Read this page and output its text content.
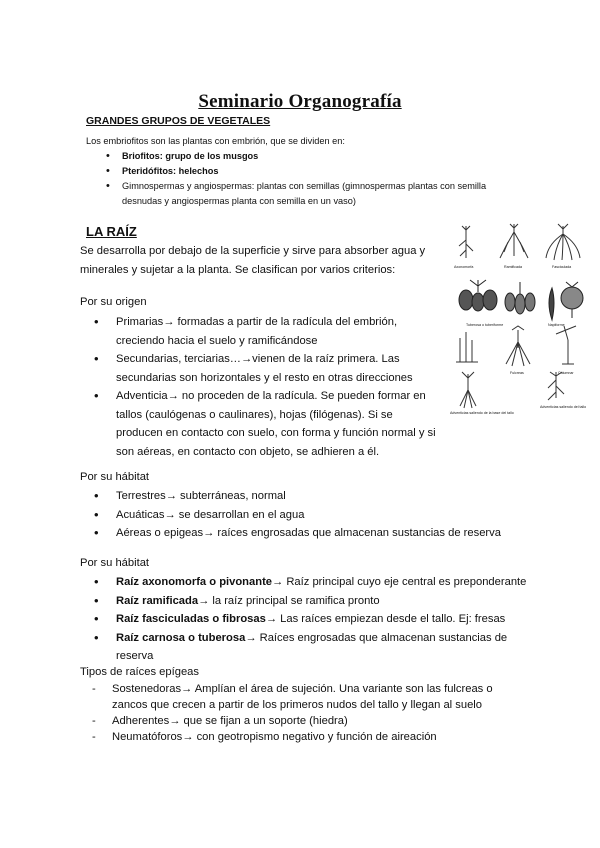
Seminario Organografía
GRANDES GRUPOS DE VEGETALES
Los embriofitos son las plantas con embrión, que se dividen en:
• Briofitos: grupo de los musgos
• Pteridófitos: helechos
• Gimnospermas y angiospermas: plantas con semillas (gimnospermas plantas con semilla desnudas y angiospermas planta con semilla en un vaso)
LA RAÍZ
Se desarrolla por debajo de la superficie y sirve para absorber agua y minerales y sujetar a la planta. Se clasifican por varios criterios:
Por su origen
• Primarias→ formadas a partir de la radícula del embrión, creciendo hacia el suelo y ramificándose
• Secundarias, terciarias…→vienen de la raíz primera. Las secundarias son horizontales y el resto en otras direcciones
• Adventicia→ no proceden de la radícula. Se pueden formar en tallos (caulógenas o caulinares), hojas (filógenas). Si se producen en contacto con suelo, con forma y función normal y si son aéreas, en contacto con objeto, se adhieren a él.
Por su hábitat
• Terrestres→ subterráneas, normal
• Acuáticas→ se desarrollan en el agua
• Aéreas o epigeas→ raíces engrosadas que almacenan sustancias de reserva
Por su hábitat
• Raíz axonomorfa o pivonante→ Raíz principal cuyo eje central es preponderante
• Raíz ramificada→ la raíz principal se ramifica pronto
• Raíz fasciculadas o fibrosas→ Las raíces empiezan desde el tallo. Ej: fresas
• Raíz carnosa o tuberosa→ Raíces engrosadas que almacenan sustancias de reserva
Tipos de raíces epígeas
- Sostenedoras→ Amplían el área de sujeción. Una variante son las fulcreas o zancos que crecen a partir de los primeros nudos del tallo y llegan al suelo
- Adherentes→ que se fijan a un soporte (hiedra)
- Neumatóforos→ con geotropismo negativo y función de aireación
Axonomorfa	Ramificada	Fasciculada
Tuberosa o tuberiforme	Napiforme
Fulcreas	Columnar
Adventicias saliendo de la base del tallo
Adventicias saliendo del tallo
